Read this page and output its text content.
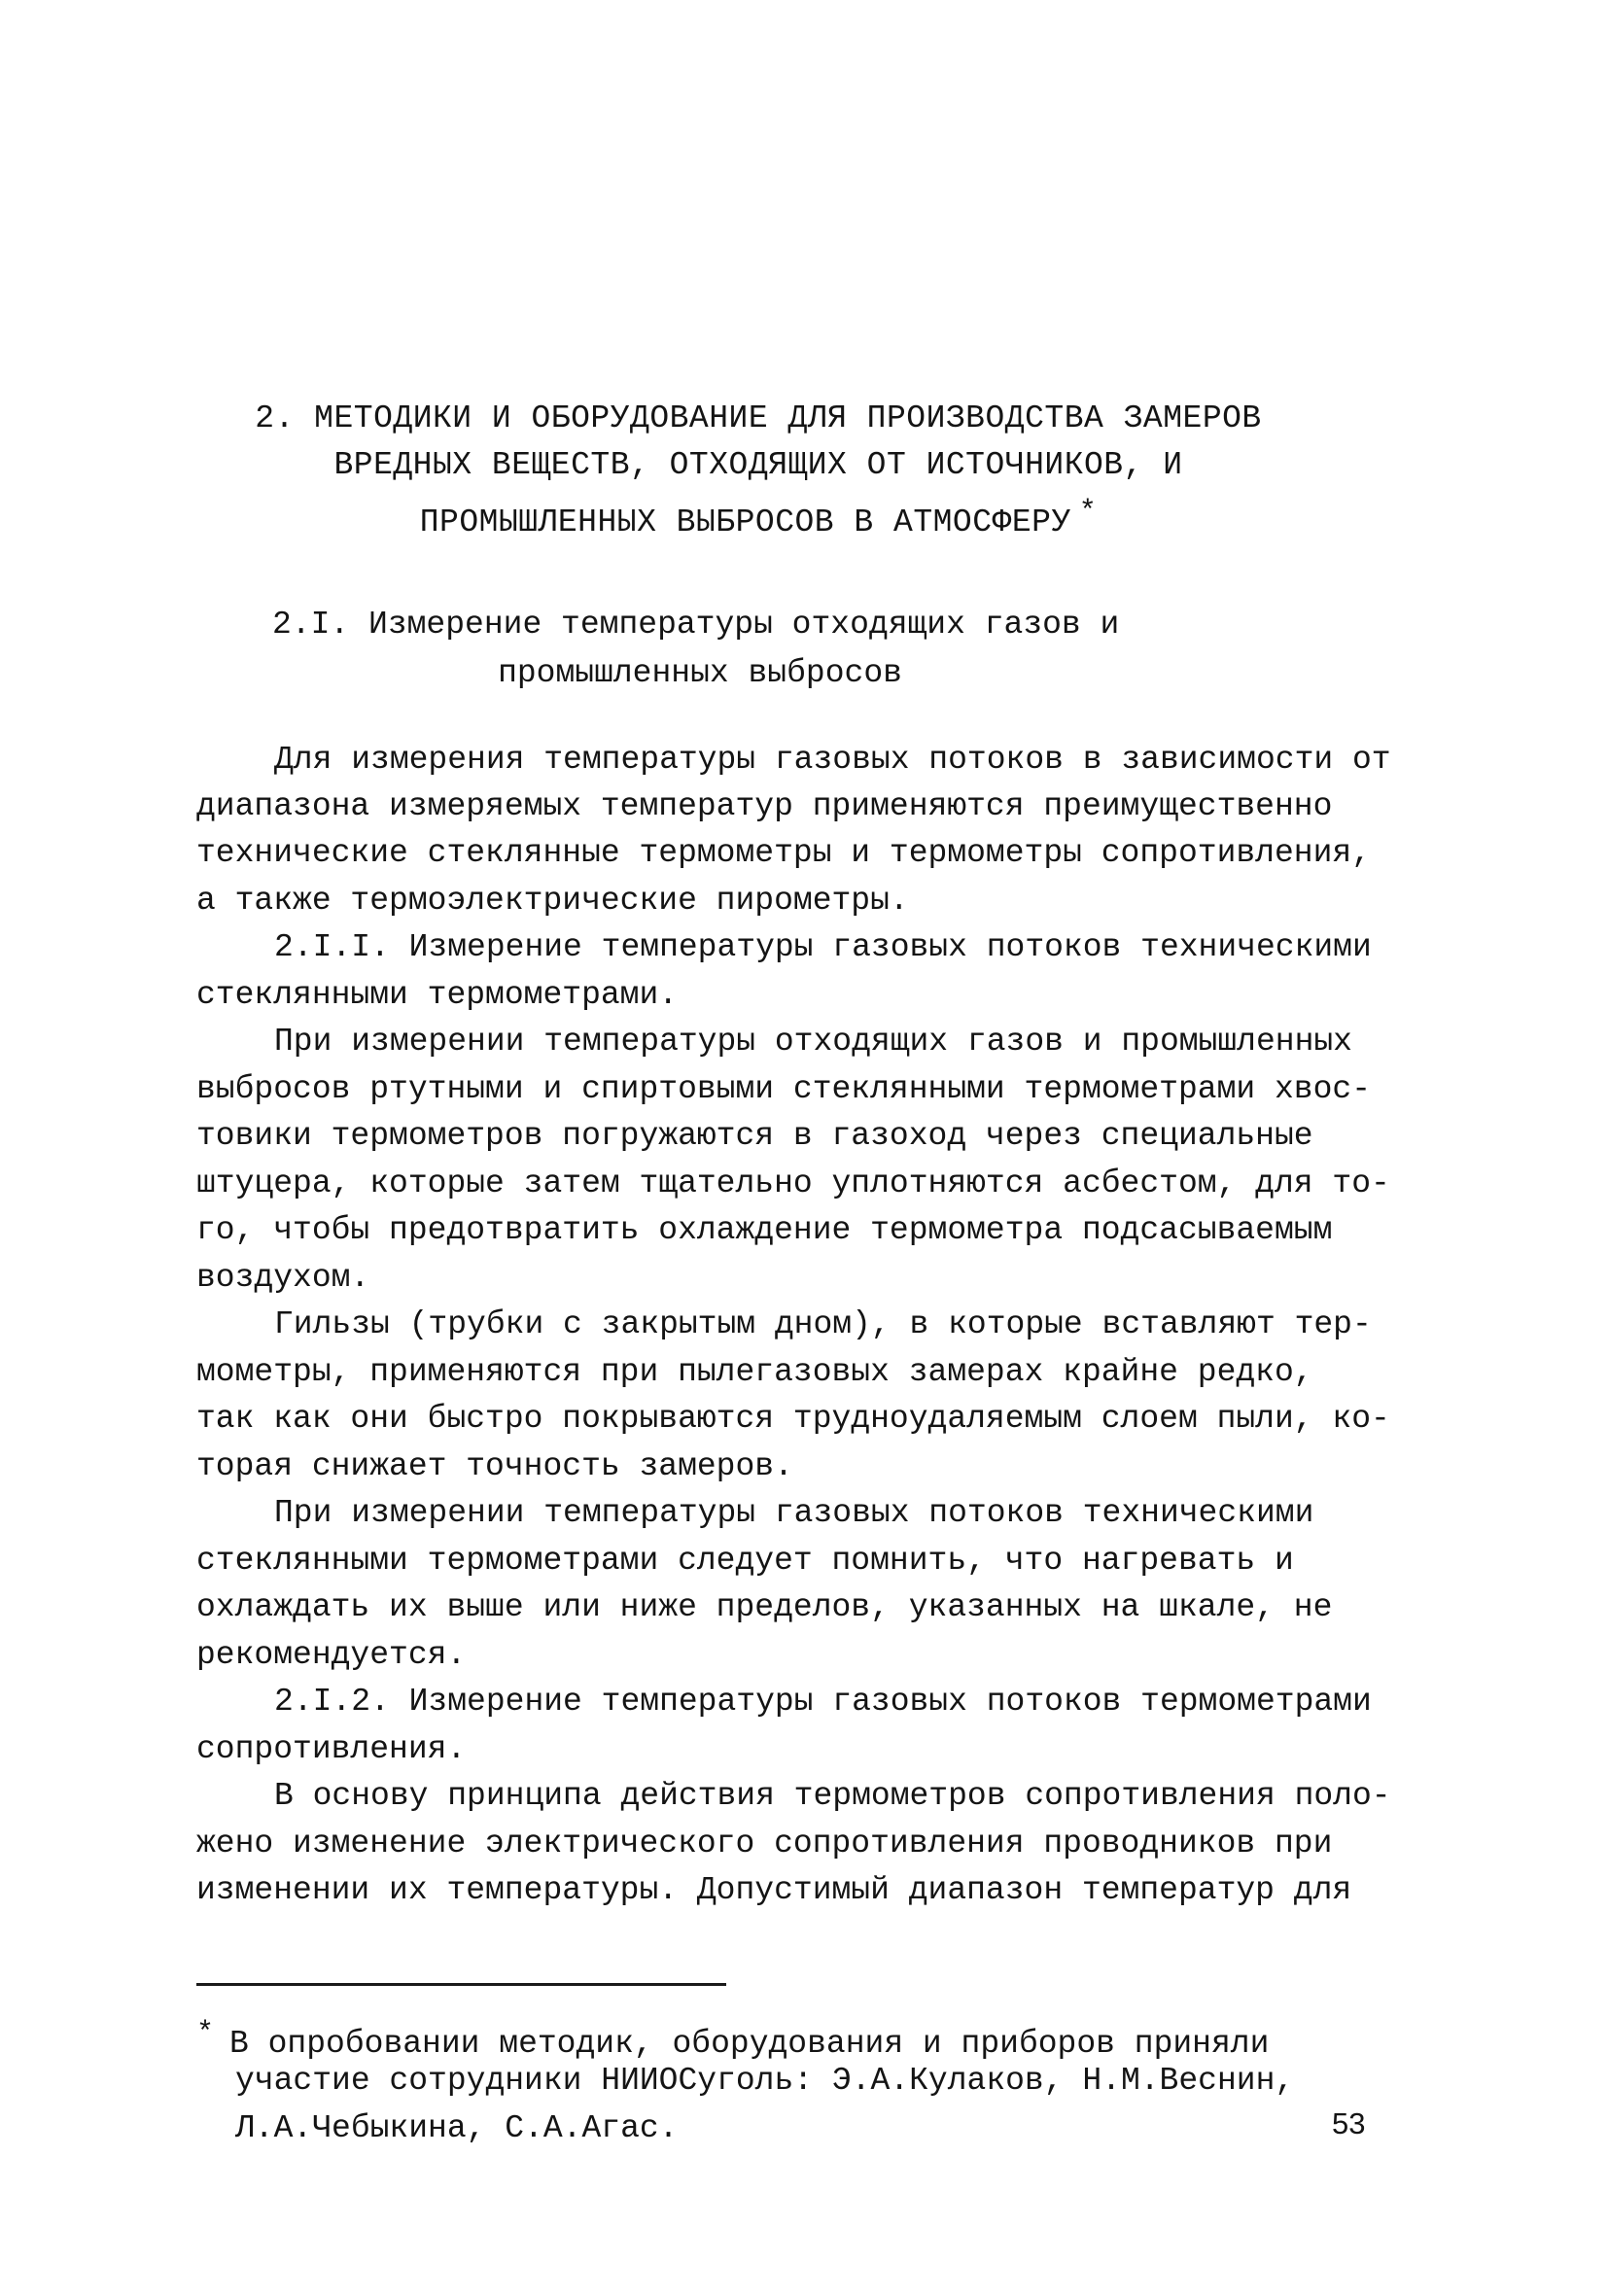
2. МЕТОДИКИ И ОБОРУДОВАНИЕ ДЛЯ ПРОИЗВОДСТВА ЗАМЕРОВ
ВРЕДНЫХ ВЕЩЕСТВ, ОТХОДЯЩИХ ОТ ИСТОЧНИКОВ, И
ПРОМЫШЛЕННЫХ ВЫБРОСОВ В АТМОСФЕРУ *
2.I. Измерение температуры отходящих газов и
промышленных выбросов
Для измерения температуры газовых потоков в зависимости от
диапазона измеряемых температур применяются преимущественно
технические стеклянные термометры и термометры сопротивления,
а также термоэлектрические пирометры.
2.I.I. Измерение температуры газовых потоков техническими
стеклянными термометрами.
При измерении температуры отходящих газов и промышленных
выбросов ртутными и спиртовыми стеклянными термометрами хвос-
товики термометров погружаются в газоход через специальные
штуцера, которые затем тщательно уплотняются асбестом, для то-
го, чтобы предотвратить охлаждение термометра подсасываемым
воздухом.
Гильзы (трубки с закрытым дном), в которые вставляют тер-
мометры, применяются при пылегазовых замерах крайне редко,
так как они быстро покрываются трудноудаляемым слоем пыли, ко-
торая снижает точность замеров.
При измерении температуры газовых потоков техническими
стеклянными термометрами следует помнить, что нагревать и
охлаждать их выше или ниже пределов, указанных на шкале, не
рекомендуется.
2.I.2. Измерение температуры газовых потоков термометрами
сопротивления.
В основу принципа действия термометров сопротивления поло-
жено изменение электрического сопротивления проводников при
изменении их температуры. Допустимый диапазон температур для
* В опробовании методик, оборудования и приборов приняли
участие сотрудники НИИОСуголь: Э.А.Кулаков, Н.М.Веснин,
Л.А.Чебыкина, С.А.Агас.	53
